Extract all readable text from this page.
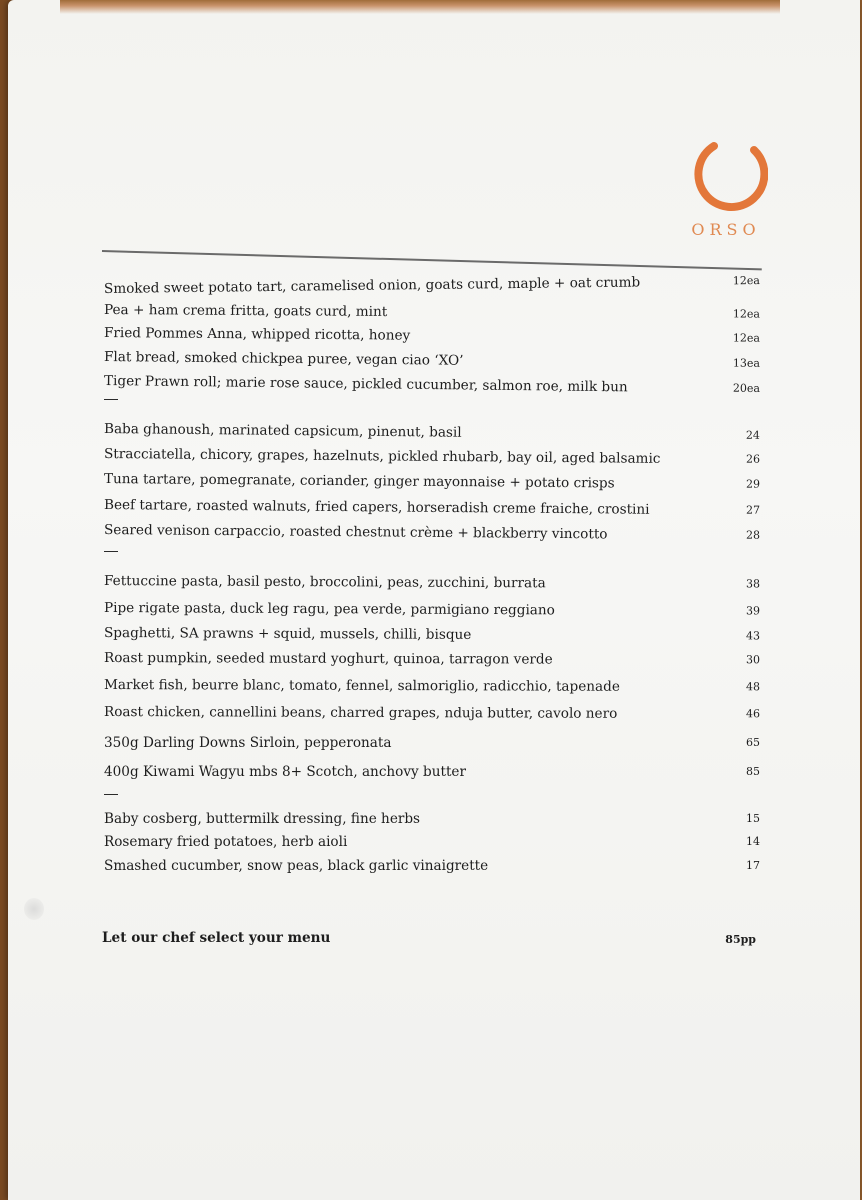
ORSO
Smoked sweet potato tart, caramelised onion, goats curd, maple + oat crumb	12ea
Pea + ham crema fritta, goats curd, mint	12ea
Fried Pommes Anna, whipped ricotta, honey	12ea
Flat bread, smoked chickpea puree, vegan ciao ‘XO’	13ea
Tiger Prawn roll; marie rose sauce, pickled cucumber, salmon roe, milk bun	20ea
Baba ghanoush, marinated capsicum, pinenut, basil	24
Stracciatella, chicory, grapes, hazelnuts, pickled rhubarb, bay oil, aged balsamic	26
Tuna tartare, pomegranate, coriander, ginger mayonnaise + potato crisps	29
Beef tartare, roasted walnuts, fried capers, horseradish creme fraiche, crostini	27
Seared venison carpaccio, roasted chestnut crème + blackberry vincotto	28
Fettuccine pasta, basil pesto, broccolini, peas, zucchini, burrata	38
Pipe rigate pasta, duck leg ragu, pea verde, parmigiano reggiano	39
Spaghetti, SA prawns + squid, mussels, chilli, bisque	43
Roast pumpkin, seeded mustard yoghurt, quinoa, tarragon verde	30
Market fish, beurre blanc, tomato, fennel, salmoriglio, radicchio, tapenade	48
Roast chicken, cannellini beans, charred grapes, nduja butter, cavolo nero	46
350g Darling Downs Sirloin, pepperonata	65
400g Kiwami Wagyu mbs 8+ Scotch, anchovy butter	85
Baby cosberg, buttermilk dressing, fine herbs	15
Rosemary fried potatoes, herb aioli	14
Smashed cucumber, snow peas, black garlic vinaigrette	17
Let our chef select your menu	85pp
